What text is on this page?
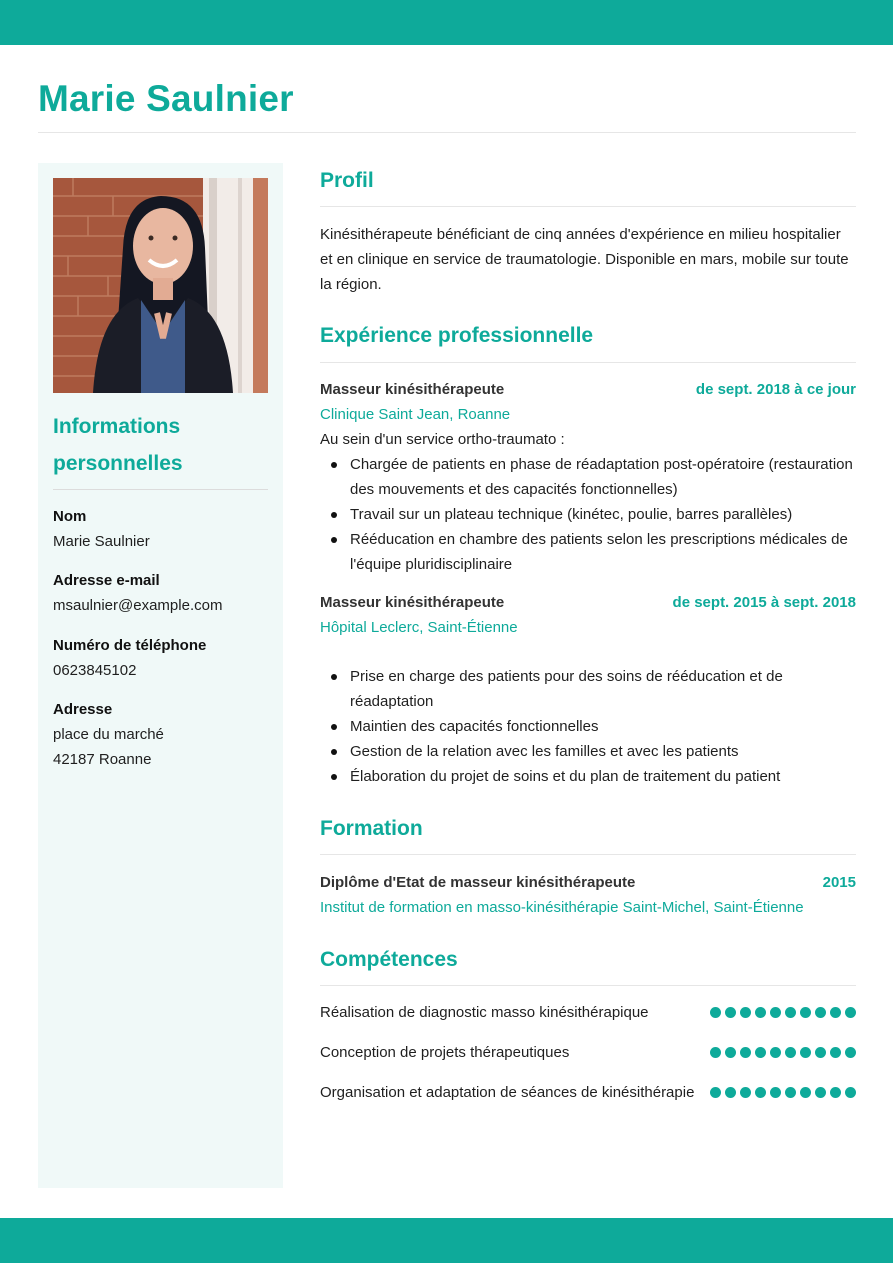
Marie Saulnier
Informations personnelles
Nom
Marie Saulnier
Adresse e-mail
msaulnier@example.com
Numéro de téléphone
0623845102
Adresse
place du marché
42187 Roanne
Profil
Kinésithérapeute bénéficiant de cinq années d'expérience en milieu hospitalier et en clinique en service de traumatologie. Disponible en mars, mobile sur toute la région.
Expérience professionnelle
Masseur kinésithérapeute	de sept. 2018 à ce jour
Clinique Saint Jean, Roanne
Au sein d'un service ortho-traumato :
Chargée de patients en phase de réadaptation post-opératoire (restauration des mouvements et des capacités fonctionnelles)
Travail sur un plateau technique (kinétec, poulie, barres parallèles)
Rééducation en chambre des patients selon les prescriptions médicales de l'équipe pluridisciplinaire
Masseur kinésithérapeute	de sept. 2015 à sept. 2018
Hôpital Leclerc, Saint-Étienne
Prise en charge des patients pour des soins de rééducation et de réadaptation
Maintien des capacités fonctionnelles
Gestion de la relation avec les familles et avec les patients
Élaboration du projet de soins et du plan de traitement du patient
Formation
Diplôme d'Etat de masseur kinésithérapeute	2015
Institut de formation en masso-kinésithérapie Saint-Michel, Saint-Étienne
Compétences
Réalisation de diagnostic masso kinésithérapique
Conception de projets thérapeutiques
Organisation et adaptation de séances de kinésithérapie
